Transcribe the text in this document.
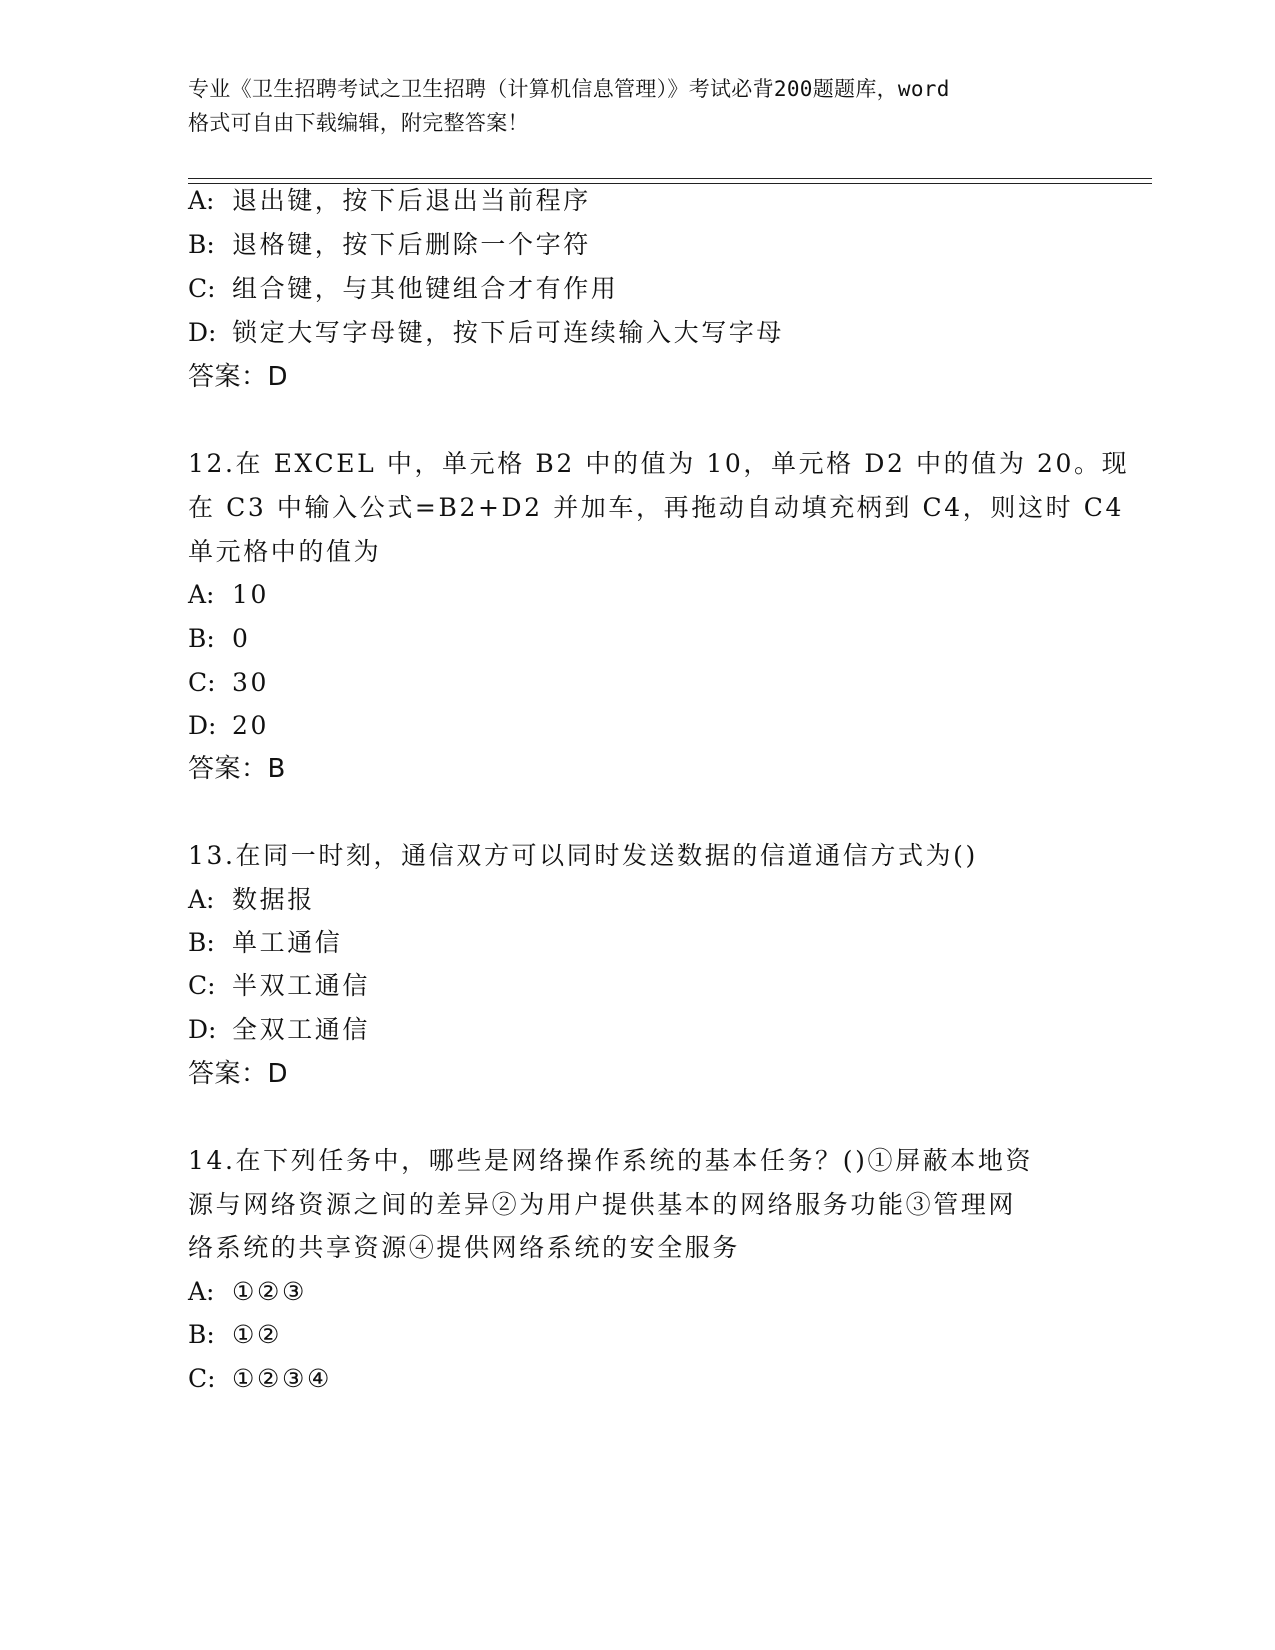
专业《卫生招聘考试之卫生招聘（计算机信息管理）》考试必背200题题库，word
格式可自由下载编辑，附完整答案！
A: 退出键，按下后退出当前程序
B: 退格键，按下后删除一个字符
C: 组合键，与其他键组合才有作用
D: 锁定大写字母键，按下后可连续输入大写字母
答案：D
12.在 EXCEL 中，单元格 B2 中的值为 10，单元格 D2 中的值为 20。现
在 C3 中输入公式=B2+D2 并加车，再拖动自动填充柄到 C4，则这时 C4
单元格中的值为
A: 10
B: 0
C: 30
D: 20
答案：B
13.在同一时刻，通信双方可以同时发送数据的信道通信方式为()
A: 数据报
B: 单工通信
C: 半双工通信
D: 全双工通信
答案：D
14.在下列任务中，哪些是网络操作系统的基本任务？()①屏蔽本地资
源与网络资源之间的差异②为用户提供基本的网络服务功能③管理网
络系统的共享资源④提供网络系统的安全服务
A: ①②③
B: ①②
C: ①②③④
